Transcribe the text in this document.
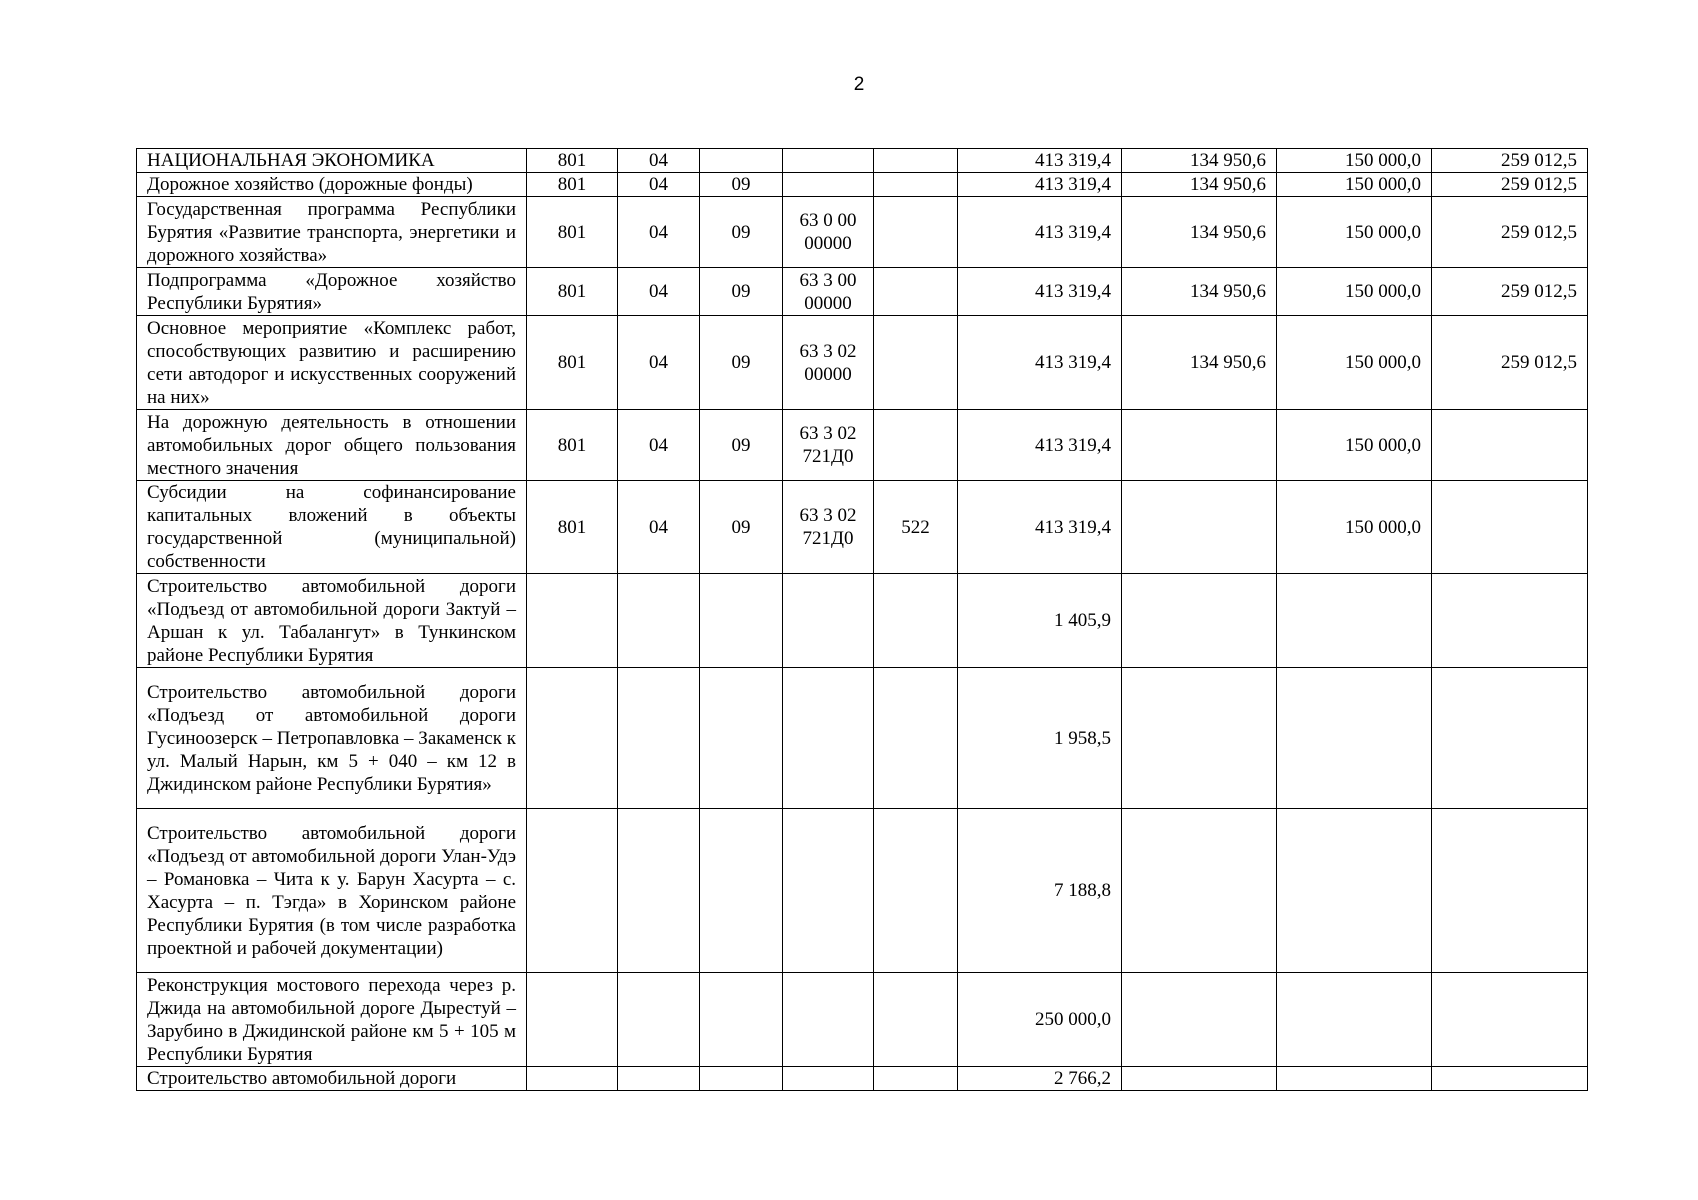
2
НАЦИОНАЛЬНАЯ ЭКОНОМИКА	801	04				413 319,4	134 950,6	150 000,0	259 012,5
Дорожное хозяйство (дорожные фонды)	801	04	09			413 319,4	134 950,6	150 000,0	259 012,5
Государственная программа Республики Бурятия «Развитие транспорта, энергетики и дорожного хозяйства»	801	04	09	63 0 00 00000		413 319,4	134 950,6	150 000,0	259 012,5
Подпрограмма «Дорожное хозяйство Республики Бурятия»	801	04	09	63 3 00 00000		413 319,4	134 950,6	150 000,0	259 012,5
Основное мероприятие «Комплекс работ, способствующих развитию и расширению сети автодорог и искусственных сооружений на них»	801	04	09	63 3 02 00000		413 319,4	134 950,6	150 000,0	259 012,5
На дорожную деятельность в отношении автомобильных дорог общего пользования местного значения	801	04	09	63 3 02 721Д0		413 319,4		150 000,0	
Субсидии на софинансирование капитальных вложений в объекты государственной (муниципальной) собственности	801	04	09	63 3 02 721Д0	522	413 319,4		150 000,0	
Строительство автомобильной дороги «Подъезд от автомобильной дороги Зактуй – Аршан к ул. Табалангут» в Тункинском районе Республики Бурятия						1 405,9			
Строительство автомобильной дороги «Подъезд от автомобильной дороги Гусиноозерск – Петропавловка – Закаменск к ул. Малый Нарын, км 5 + 040 – км 12 в Джидинском районе Республики Бурятия»						1 958,5			
Строительство автомобильной дороги «Подъезд от автомобильной дороги Улан-Удэ – Романовка – Чита к у. Барун Хасурта – с. Хасурта – п. Тэгда» в Хоринском районе Республики Бурятия (в том числе разработка проектной и рабочей документации)						7 188,8			
Реконструкция мостового перехода через р. Джида на автомобильной дороге Дырестуй – Зарубино в Джидинской районе км 5 + 105 м Республики Бурятия						250 000,0			
Строительство автомобильной дороги						2 766,2			
